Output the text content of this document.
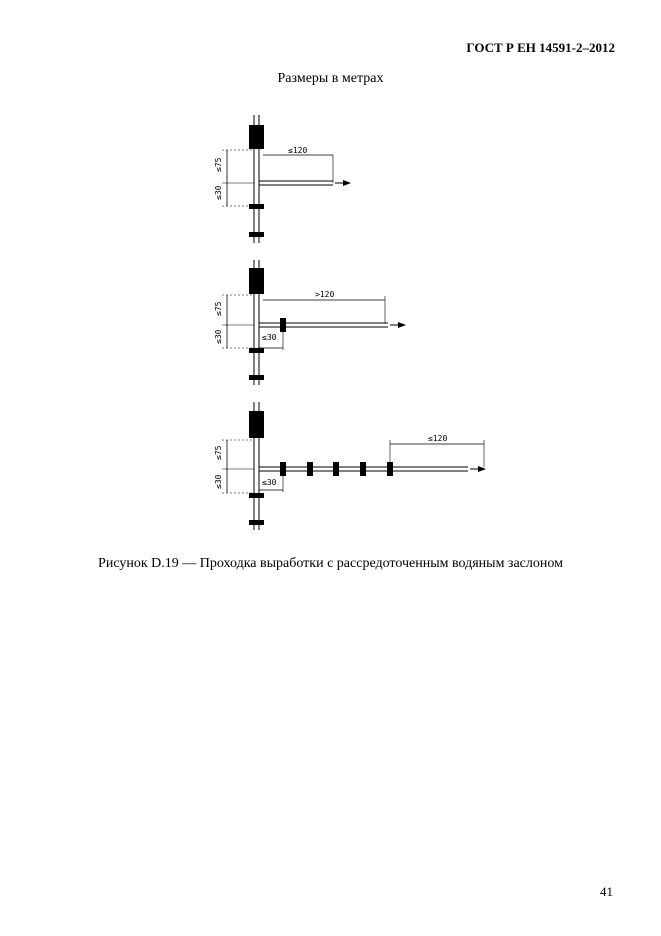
ГОСТ Р ЕН 14591-2–2012
Размеры в метрах
≤75
≤30
≤120
≤75
≤30
>120
≤30
≤75
≤30
≤120
≤30
Рисунок D.19 — Проходка выработки с рассредоточенным водяным заслоном
41
